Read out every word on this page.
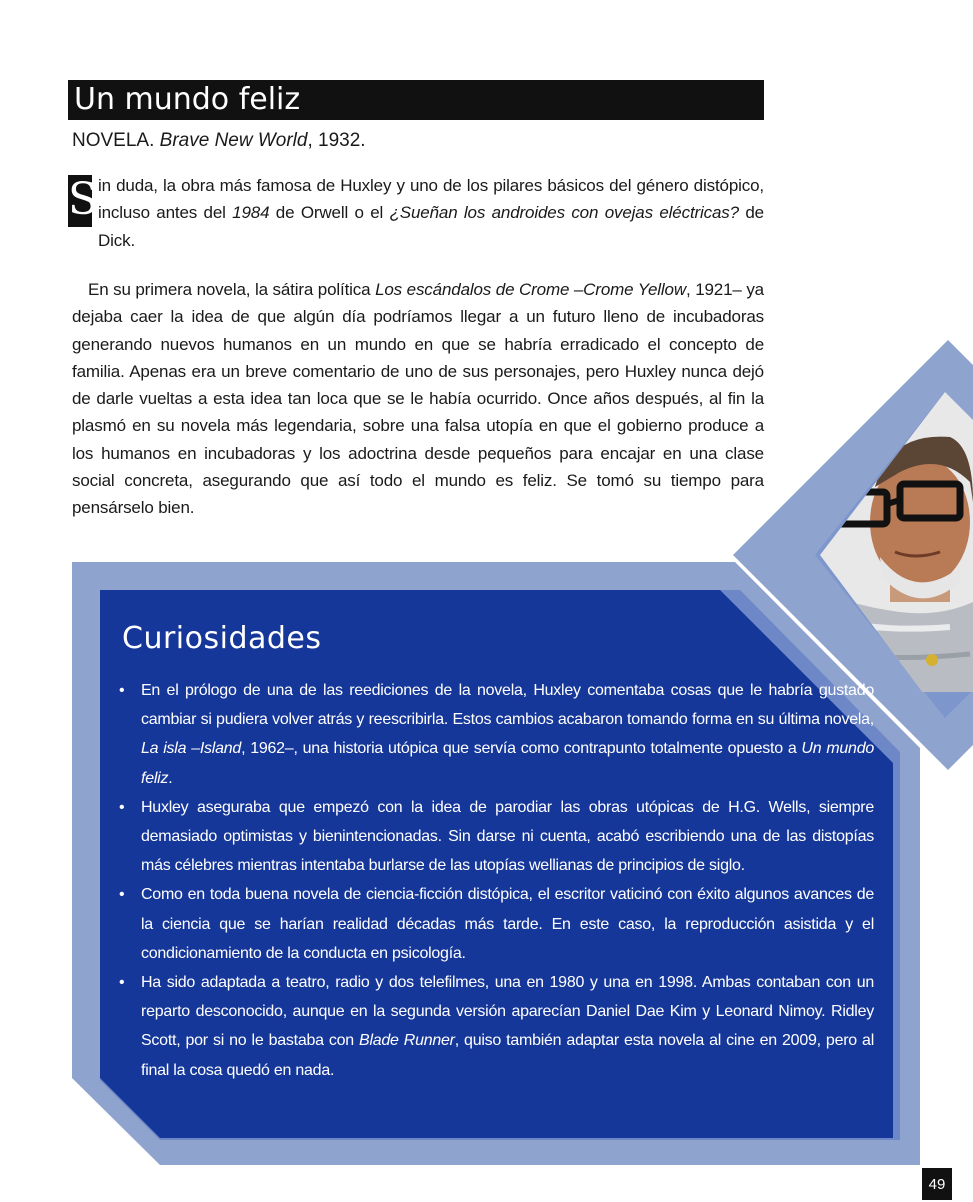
Un mundo feliz
NOVELA. Brave New World, 1932.
S in duda, la obra más famosa de Huxley y uno de los pilares básicos del género distópico, incluso antes del 1984 de Orwell o el ¿Sueñan los androides con ovejas eléctricas? de Dick.
En su primera novela, la sátira política Los escándalos de Crome –Crome Yellow, 1921– ya dejaba caer la idea de que algún día podríamos llegar a un futuro lleno de incubadoras generando nuevos humanos en un mundo en que se habría erradicado el concepto de familia. Apenas era un breve comentario de uno de sus personajes, pero Huxley nunca dejó de darle vueltas a esta idea tan loca que se le había ocurrido. Once años después, al fin la plasmó en su novela más legendaria, sobre una falsa utopía en que el gobierno produce a los humanos en incubadoras y los adoctrina desde pequeños para encajar en una clase social concreta, asegurando que así todo el mundo es feliz. Se tomó su tiempo para pensárselo bien.
Curiosidades
• En el prólogo de una de las reediciones de la novela, Huxley comentaba cosas que le habría gustado cambiar si pudiera volver atrás y reescribirla. Estos cambios acabaron tomando forma en su última novela, La isla –Island, 1962–, una historia utópica que servía como contrapunto totalmente opuesto a Un mundo feliz.
• Huxley aseguraba que empezó con la idea de parodiar las obras utópicas de H.G. Wells, siempre demasiado optimistas y bienintencionadas. Sin darse ni cuenta, acabó escribiendo una de las distopías más célebres mientras intentaba burlarse de las utopías wellianas de principios de siglo.
• Como en toda buena novela de ciencia-ficción distópica, el escritor vaticinó con éxito algunos avances de la ciencia que se harían realidad décadas más tarde. En este caso, la reproducción asistida y el condicionamiento de la conducta en psicología.
• Ha sido adaptada a teatro, radio y dos telefilmes, una en 1980 y una en 1998. Ambas contaban con un reparto desconocido, aunque en la segunda versión aparecían Daniel Dae Kim y Leonard Nimoy. Ridley Scott, por si no le bastaba con Blade Runner, quiso también adaptar esta novela al cine en 2009, pero al final la cosa quedó en nada.
49
